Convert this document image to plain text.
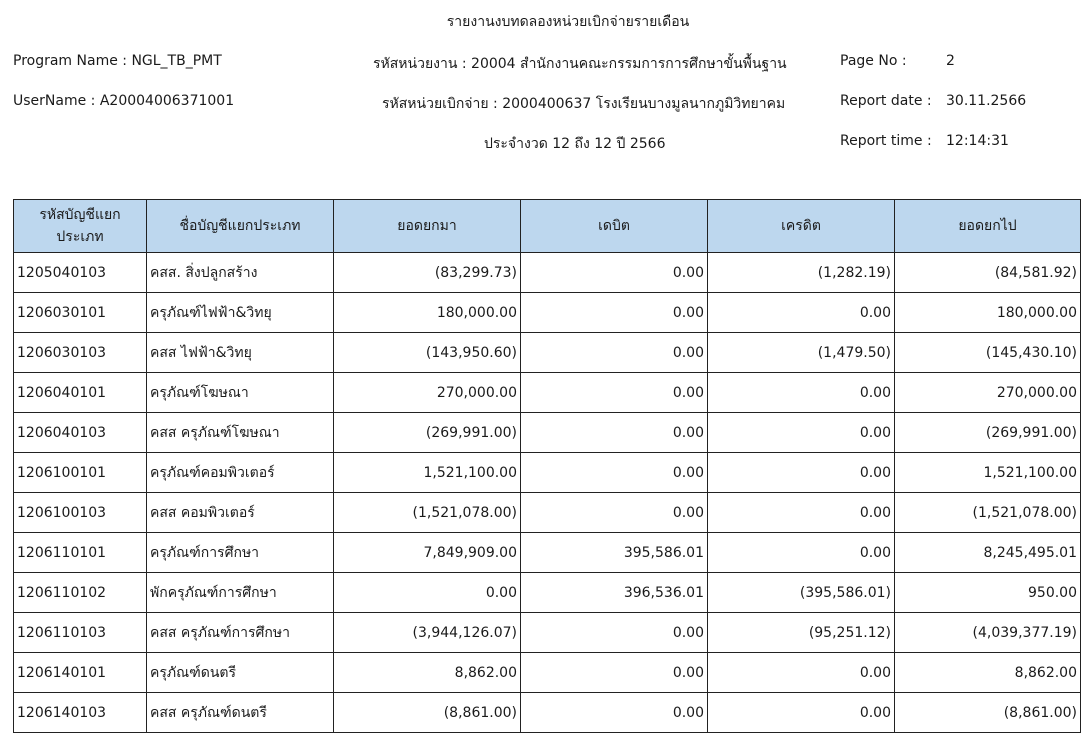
รายงานงบทดลองหน่วยเบิกจ่ายรายเดือน
Program Name : NGL_TB_PMT
UserName : A20004006371001
รหัสหน่วยงาน : 20004 สำนักงานคณะกรรมการการศึกษาขั้นพื้นฐาน
รหัสหน่วยเบิกจ่าย : 2000400637 โรงเรียนบางมูลนากภูมิวิทยาคม
ประจำงวด 12 ถึง 12 ปี 2566
Page No :	2
Report date : 30.11.2566
Report time : 12:14:31
รหัสบัญชีแยกประเภท	ชื่อบัญชีแยกประเภท	ยอดยกมา	เดบิต	เครดิต	ยอดยกไป
1205040103	คสส. สิ่งปลูกสร้าง	(83,299.73)	0.00	(1,282.19)	(84,581.92)
1206030101	ครุภัณฑ์ไฟฟ้า&วิทยุ	180,000.00	0.00	0.00	180,000.00
1206030103	คสส ไฟฟ้า&วิทยุ	(143,950.60)	0.00	(1,479.50)	(145,430.10)
1206040101	ครุภัณฑ์โฆษณา	270,000.00	0.00	0.00	270,000.00
1206040103	คสส ครุภัณฑ์โฆษณา	(269,991.00)	0.00	0.00	(269,991.00)
1206100101	ครุภัณฑ์คอมพิวเตอร์	1,521,100.00	0.00	0.00	1,521,100.00
1206100103	คสส คอมพิวเตอร์	(1,521,078.00)	0.00	0.00	(1,521,078.00)
1206110101	ครุภัณฑ์การศึกษา	7,849,909.00	395,586.01	0.00	8,245,495.01
1206110102	พักครุภัณฑ์การศึกษา	0.00	396,536.01	(395,586.01)	950.00
1206110103	คสส ครุภัณฑ์การศึกษา	(3,944,126.07)	0.00	(95,251.12)	(4,039,377.19)
1206140101	ครุภัณฑ์ดนตรี	8,862.00	0.00	0.00	8,862.00
1206140103	คสส ครุภัณฑ์ดนตรี	(8,861.00)	0.00	0.00	(8,861.00)
